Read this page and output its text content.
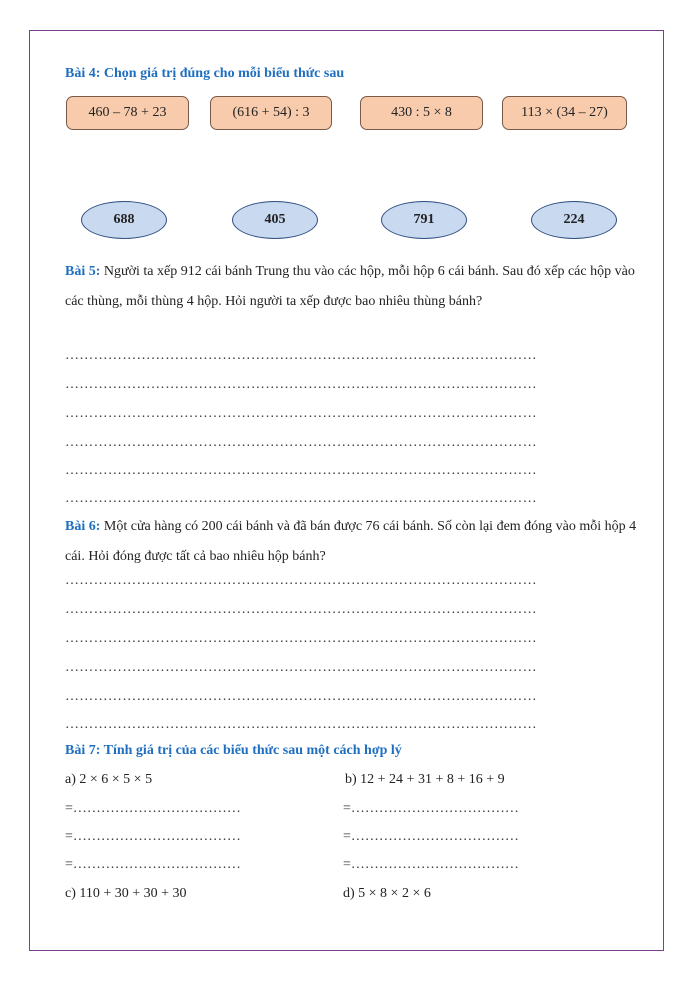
Bài 4: Chọn giá trị đúng cho mỗi biểu thức sau
460 – 78 + 23	(616 + 54) : 3	430 : 5 × 8	113 × (34 – 27)
688	405	791	224

Bài 5: Người ta xếp 912 cái bánh Trung thu vào các hộp, mỗi hộp 6 cái bánh. Sau đó xếp các hộp vào các thùng, mỗi thùng 4 hộp. Hỏi người ta xếp được bao nhiêu thùng bánh?

………………………………………………………………………………………
………………………………………………………………………………………
………………………………………………………………………………………
………………………………………………………………………………………
………………………………………………………………………………………
………………………………………………………………………………………

Bài 6: Một cửa hàng có 200 cái bánh và đã bán được 76 cái bánh. Số còn lại đem đóng vào mỗi hộp 4 cái. Hỏi đóng được tất cả bao nhiêu hộp bánh?

………………………………………………………………………………………
………………………………………………………………………………………
………………………………………………………………………………………
………………………………………………………………………………………
………………………………………………………………………………………
………………………………………………………………………………………
Bài 7: Tính giá trị của các biểu thức sau một cách hợp lý
a) 2 × 6 × 5 × 5	b) 12 + 24 + 31 + 8 + 16 + 9
=………………………………	=………………………………
=………………………………	=………………………………
=………………………………	=………………………………
c) 110 + 30 + 30 + 30	d) 5 × 8 × 2 × 6
